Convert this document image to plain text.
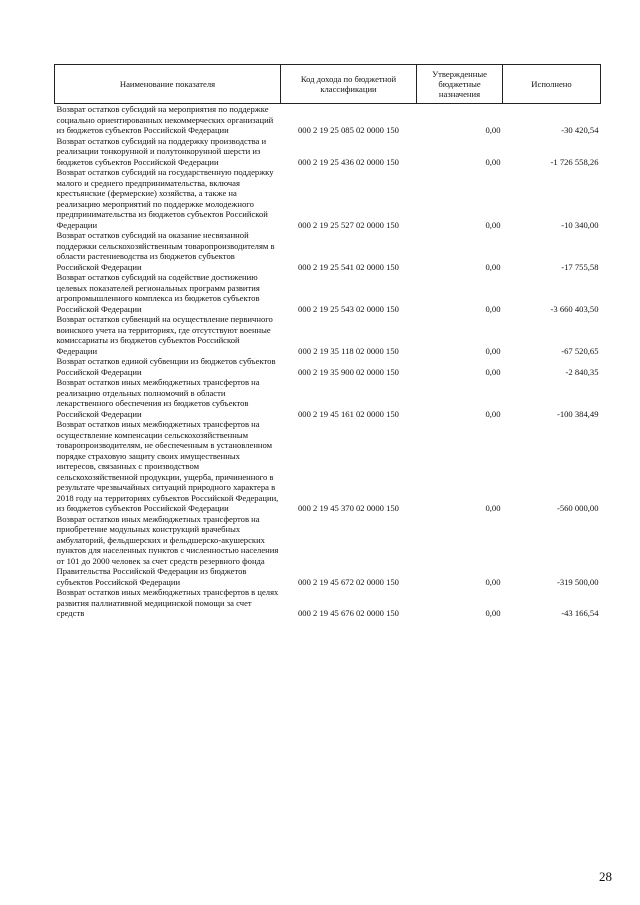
Наименование показателя	Код дохода по бюджетной классификации	Утвержденные бюджетные назначения	Исполнено
Возврат остатков субсидий на мероприятия по поддержке социально ориентированных некоммерческих организаций из бюджетов субъектов Российской Федерации	000 2 19 25 085 02 0000 150	0,00	-30 420,54
Возврат остатков субсидий на поддержку производства и реализации тонкорунной и полутонкорунной шерсти из бюджетов субъектов Российской Федерации	000 2 19 25 436 02 0000 150	0,00	-1 726 558,26
Возврат остатков субсидий на государственную поддержку малого и среднего предпринимательства, включая крестьянские (фермерские) хозяйства, а также на реализацию мероприятий по поддержке молодежного предпринимательства из бюджетов субъектов Российской Федерации	000 2 19 25 527 02 0000 150	0,00	-10 340,00
Возврат остатков субсидий на оказание несвязанной поддержки сельскохозяйственным товаропроизводителям в области растениеводства из бюджетов субъектов Российской Федерации	000 2 19 25 541 02 0000 150	0,00	-17 755,58
Возврат остатков субсидий на содействие достижению целевых показателей региональных программ развития агропромышленного комплекса из бюджетов субъектов Российской Федерации	000 2 19 25 543 02 0000 150	0,00	-3 660 403,50
Возврат остатков субвенций на осуществление первичного воинского учета на территориях, где отсутствуют военные комиссариаты из бюджетов субъектов Российской Федерации	000 2 19 35 118 02 0000 150	0,00	-67 520,65
Возврат остатков единой субвенции из бюджетов субъектов Российской Федерации	000 2 19 35 900 02 0000 150	0,00	-2 840,35
Возврат остатков иных межбюджетных трансфертов на реализацию отдельных полномочий в области лекарственного обеспечения из бюджетов субъектов Российской Федерации	000 2 19 45 161 02 0000 150	0,00	-100 384,49
Возврат остатков иных межбюджетных трансфертов на осуществление компенсации сельскохозяйственным товаропроизводителям, не обеспеченным в установленном порядке страховую защиту своих имущественных интересов, связанных с производством сельскохозяйственной продукции, ущерба, причиненного в результате чрезвычайных ситуаций природного характера в 2018 году на территориях субъектов Российской Федерации, из бюджетов субъектов Российской Федерации	000 2 19 45 370 02 0000 150	0,00	-560 000,00
Возврат остатков иных межбюджетных трансфертов на приобретение модульных конструкций врачебных амбулаторий, фельдшерских и фельдшерско-акушерских пунктов для населенных пунктов с численностью населения от 101 до 2000 человек за счет средств резервного фонда Правительства Российской Федерации из бюджетов субъектов Российской Федерации	000 2 19 45 672 02 0000 150	0,00	-319 500,00
Возврат остатков иных межбюджетных трансфертов в целях развития паллиативной медицинской помощи за счет средств	000 2 19 45 676 02 0000 150	0,00	-43 166,54
28
